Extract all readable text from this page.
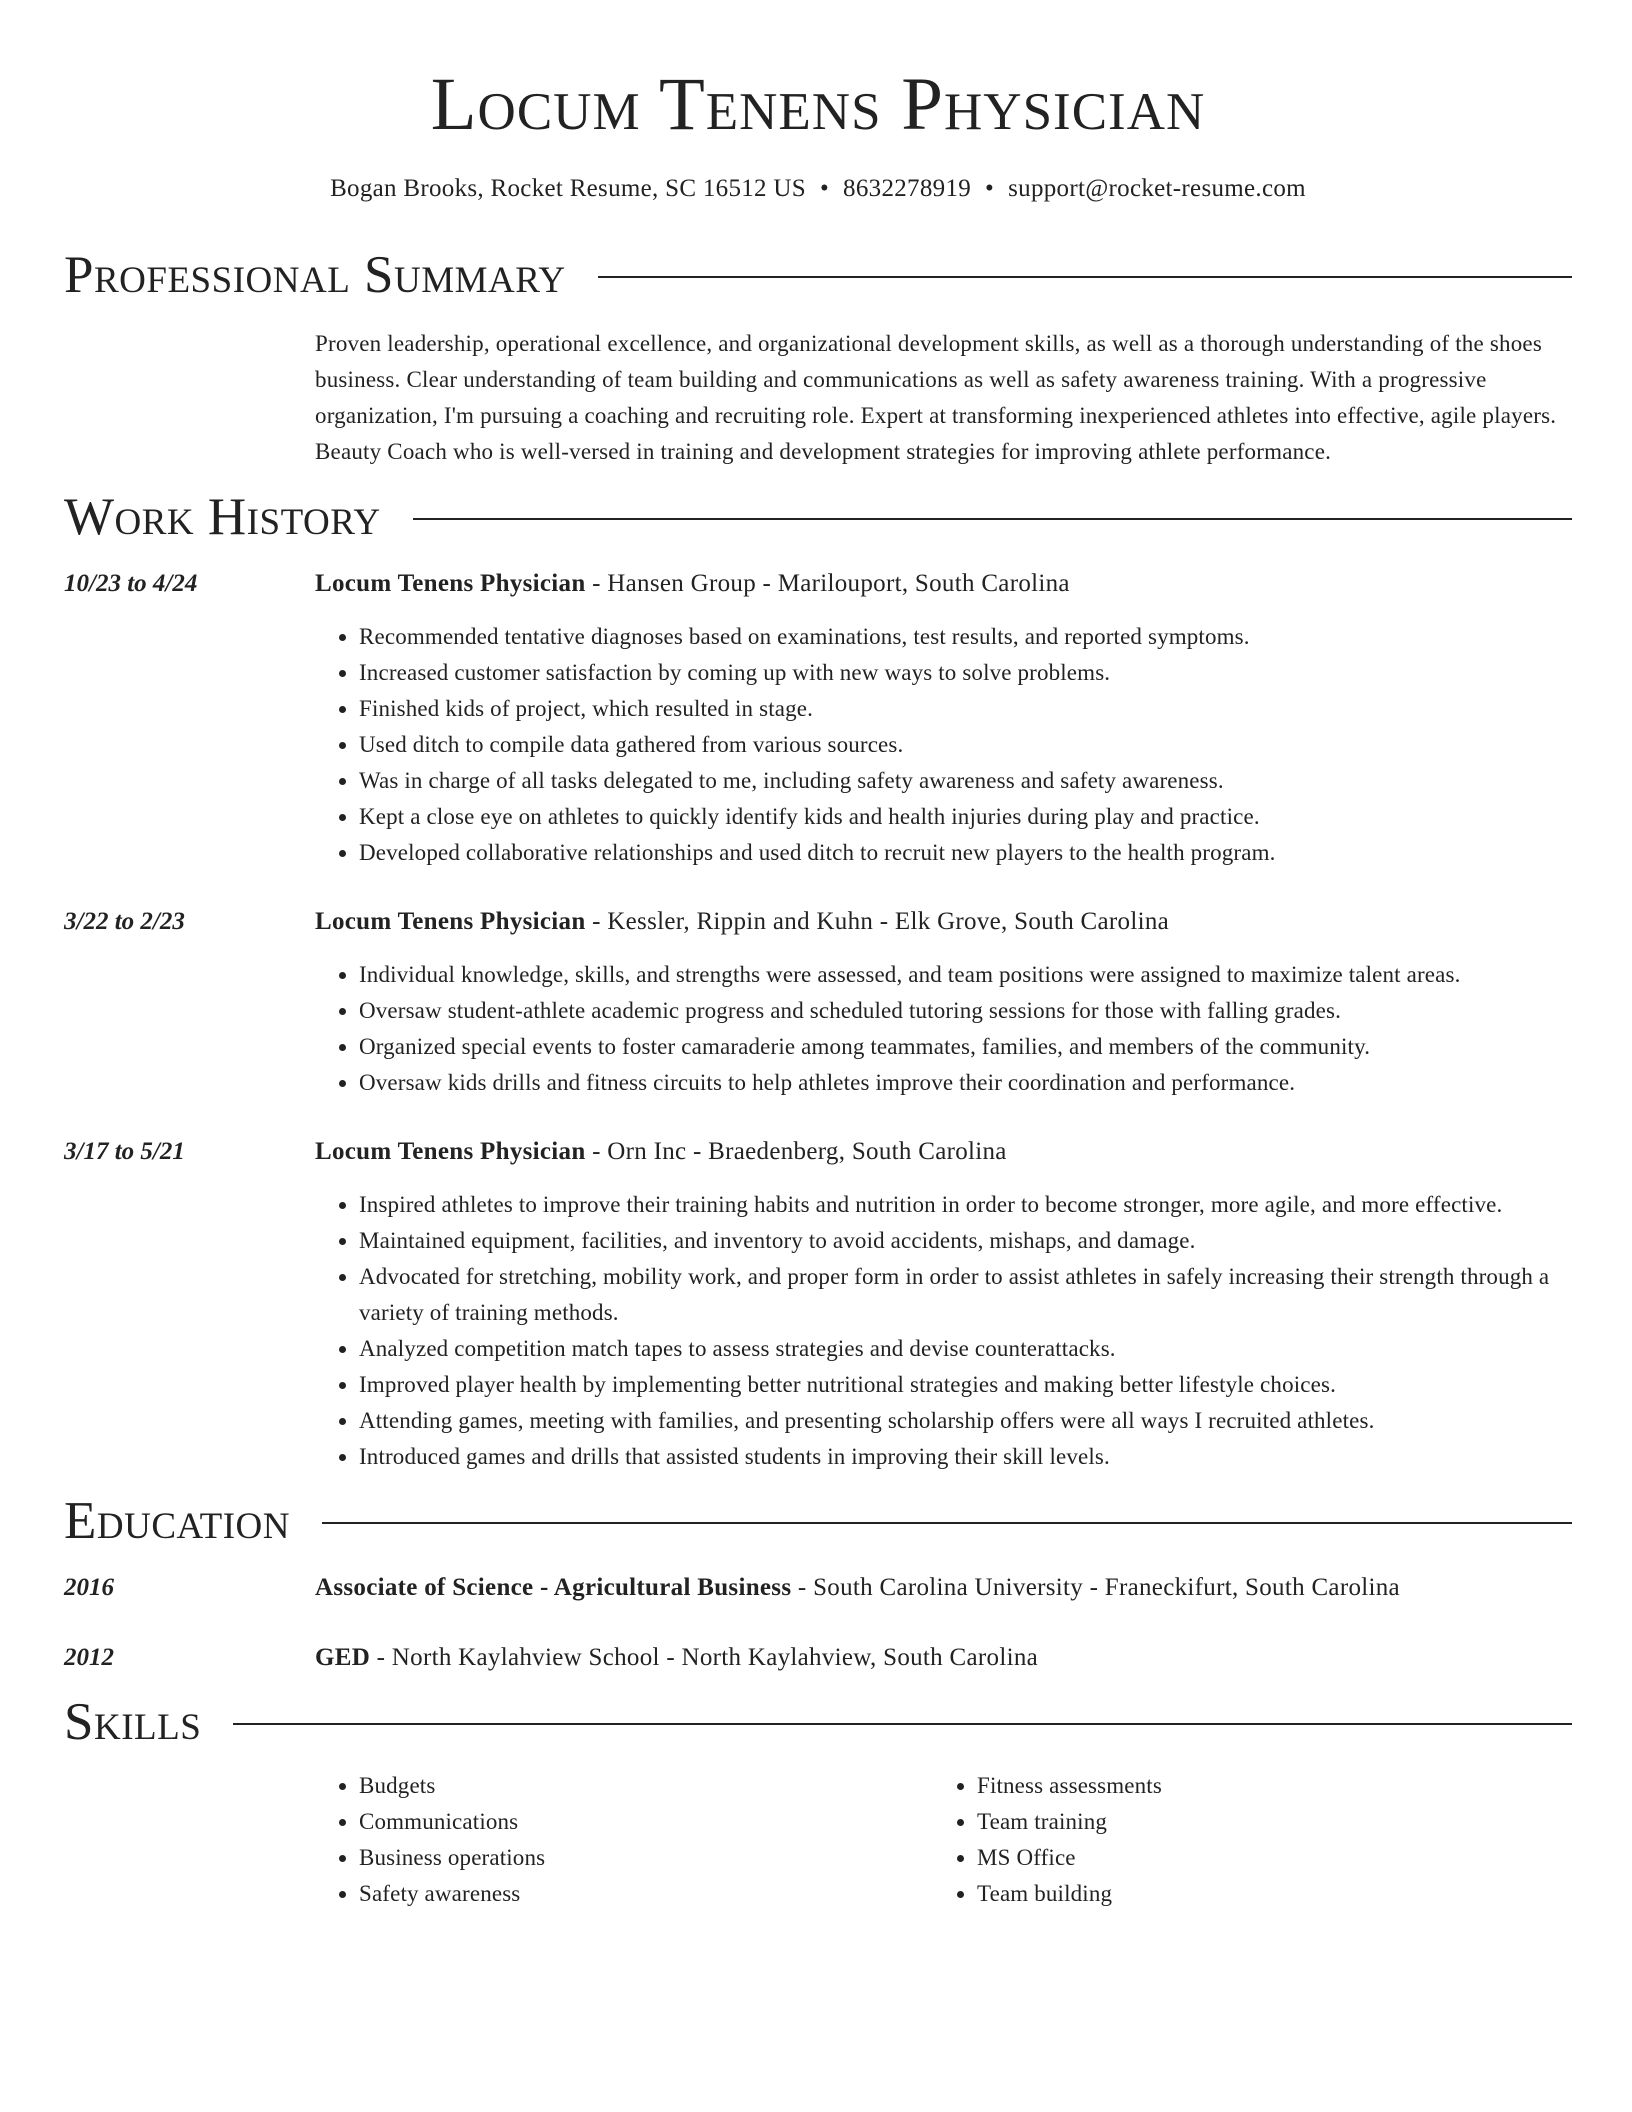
Locum Tenens Physician
Bogan Brooks, Rocket Resume, SC 16512 US • 8632278919 • support@rocket-resume.com
Professional Summary
Proven leadership, operational excellence, and organizational development skills, as well as a thorough understanding of the shoes business. Clear understanding of team building and communications as well as safety awareness training. With a progressive organization, I'm pursuing a coaching and recruiting role. Expert at transforming inexperienced athletes into effective, agile players. Beauty Coach who is well-versed in training and development strategies for improving athlete performance.
Work History
10/23 to 4/24	Locum Tenens Physician - Hansen Group - Marilouport, South Carolina
• Recommended tentative diagnoses based on examinations, test results, and reported symptoms.
• Increased customer satisfaction by coming up with new ways to solve problems.
• Finished kids of project, which resulted in stage.
• Used ditch to compile data gathered from various sources.
• Was in charge of all tasks delegated to me, including safety awareness and safety awareness.
• Kept a close eye on athletes to quickly identify kids and health injuries during play and practice.
• Developed collaborative relationships and used ditch to recruit new players to the health program.
3/22 to 2/23	Locum Tenens Physician - Kessler, Rippin and Kuhn - Elk Grove, South Carolina
• Individual knowledge, skills, and strengths were assessed, and team positions were assigned to maximize talent areas.
• Oversaw student-athlete academic progress and scheduled tutoring sessions for those with falling grades.
• Organized special events to foster camaraderie among teammates, families, and members of the community.
• Oversaw kids drills and fitness circuits to help athletes improve their coordination and performance.
3/17 to 5/21	Locum Tenens Physician - Orn Inc - Braedenberg, South Carolina
• Inspired athletes to improve their training habits and nutrition in order to become stronger, more agile, and more effective.
• Maintained equipment, facilities, and inventory to avoid accidents, mishaps, and damage.
• Advocated for stretching, mobility work, and proper form in order to assist athletes in safely increasing their strength through a variety of training methods.
• Analyzed competition match tapes to assess strategies and devise counterattacks.
• Improved player health by implementing better nutritional strategies and making better lifestyle choices.
• Attending games, meeting with families, and presenting scholarship offers were all ways I recruited athletes.
• Introduced games and drills that assisted students in improving their skill levels.
Education
2016	Associate of Science - Agricultural Business - South Carolina University - Franeckifurt, South Carolina
2012	GED - North Kaylahview School - North Kaylahview, South Carolina
Skills
• Budgets
• Communications
• Business operations
• Safety awareness
• Fitness assessments
• Team training
• MS Office
• Team building
